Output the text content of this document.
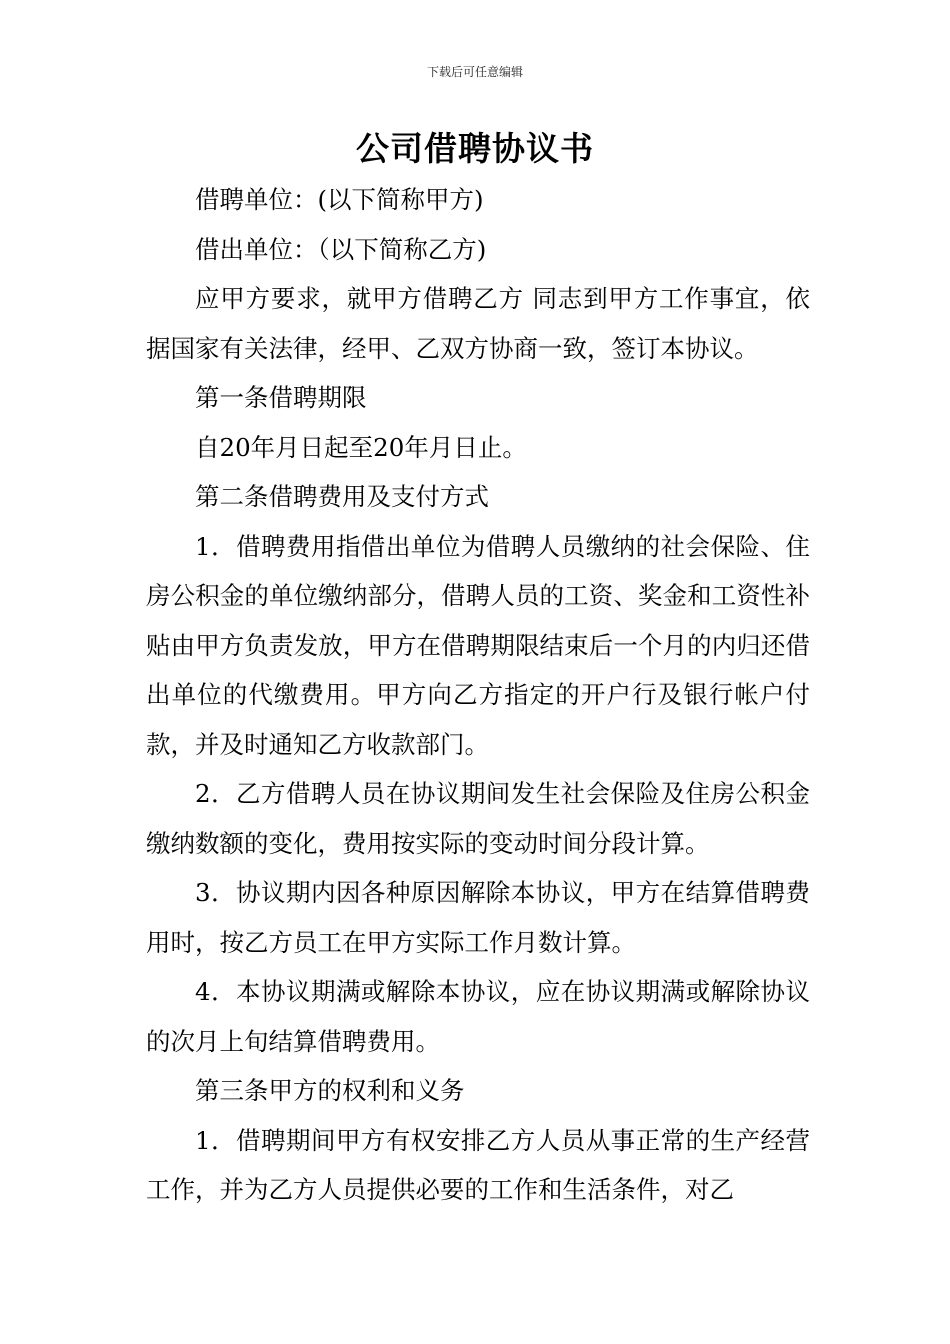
下载后可任意编辑
公司借聘协议书

借聘单位：(以下简称甲方)

借出单位：（以下简称乙方)

应甲方要求，就甲方借聘乙方 同志到甲方工作事宜，依据国家有关法律，经甲、乙双方协商一致，签订本协议。

第一条借聘期限

自20年月日起至20年月日止。

第二条借聘费用及支付方式

1．借聘费用指借出单位为借聘人员缴纳的社会保险、住房公积金的单位缴纳部分，借聘人员的工资、奖金和工资性补贴由甲方负责发放，甲方在借聘期限结束后一个月的内归还借出单位的代缴费用。甲方向乙方指定的开户行及银行帐户付款，并及时通知乙方收款部门。

2．乙方借聘人员在协议期间发生社会保险及住房公积金缴纳数额的变化，费用按实际的变动时间分段计算。

3．协议期内因各种原因解除本协议，甲方在结算借聘费用时，按乙方员工在甲方实际工作月数计算。

4．本协议期满或解除本协议，应在协议期满或解除协议的次月上旬结算借聘费用。

第三条甲方的权利和义务

1．借聘期间甲方有权安排乙方人员从事正常的生产经营工作，并为乙方人员提供必要的工作和生活条件，对乙
